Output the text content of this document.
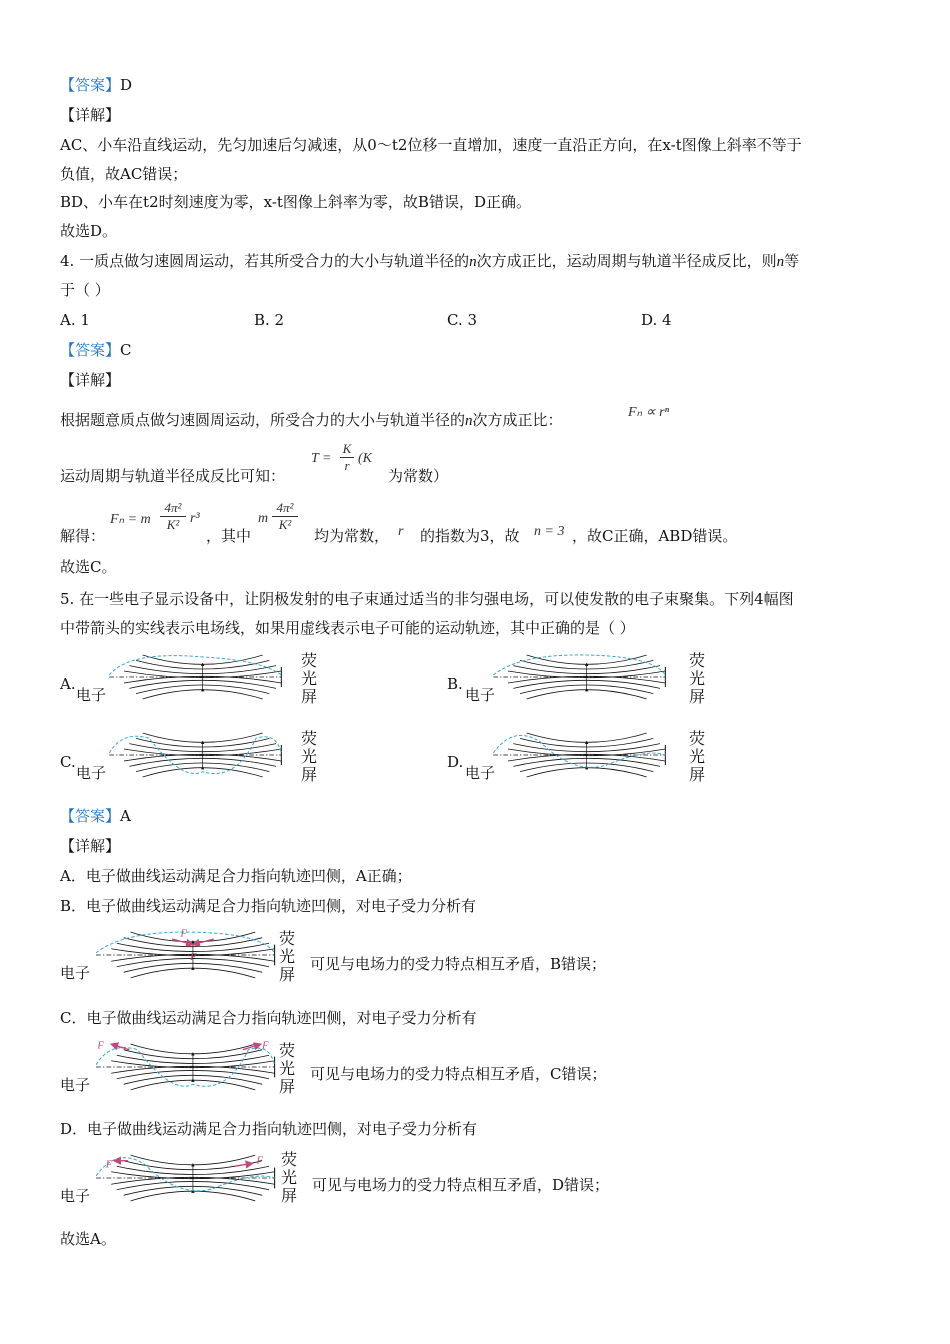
【答案】D
【详解】
AC、小车沿直线运动，先匀加速后匀减速，从0～t2位移一直增加，速度一直沿正方向，在x-t图像上斜率不等于
负值，故AC错误；
BD、小车在t2时刻速度为零，x-t图像上斜率为零，故B错误，D正确。
故选D。
4. 一质点做匀速圆周运动，若其所受合力的大小与轨道半径的n次方成正比，运动周期与轨道半径成反比，则n等
于（ ）
A. 1	B. 2	C. 3	D. 4
【答案】C
【详解】
根据题意质点做匀速圆周运动，所受合力的大小与轨道半径的n次方成正比：	Fₙ ∝ rⁿ
运动周期与轨道半径成反比可知：
$T = \frac{K}{r} (K$
为常数）
解得：
Fₙ = m $\frac{\text{4π²}}{\text{K²}} r^3$
，其中
m $\frac{\text{4π²}}{\text{K²}}$
均为常数， r 的指数为3，故 n = 3 ，故C正确，ABD错误。
故选C。
5. 在一些电子显示设备中，让阴极发射的电子束通过适当的非匀强电场，可以使发散的电子束聚集。下列4幅图
中带箭头的实线表示电场线，如果用虚线表示电子可能的运动轨迹，其中正确的是（ ）
A.
电子
荧
光
屏
B.
电子
荧
光
屏
C.
电子
荧
光
屏
D.
电子
荧
光
屏
【答案】A
【详解】
A．电子做曲线运动满足合力指向轨迹凹侧，A正确；
B．电子做曲线运动满足合力指向轨迹凹侧，对电子受力分析有
F
F
电子
荧
光
屏
可见与电场力的受力特点相互矛盾，B错误；
C．电子做曲线运动满足合力指向轨迹凹侧，对电子受力分析有
F	F
电子
荧
光
屏
可见与电场力的受力特点相互矛盾，C错误；
D．电子做曲线运动满足合力指向轨迹凹侧，对电子受力分析有
F	F
电子
荧
光
屏
可见与电场力的受力特点相互矛盾，D错误；
故选A。
